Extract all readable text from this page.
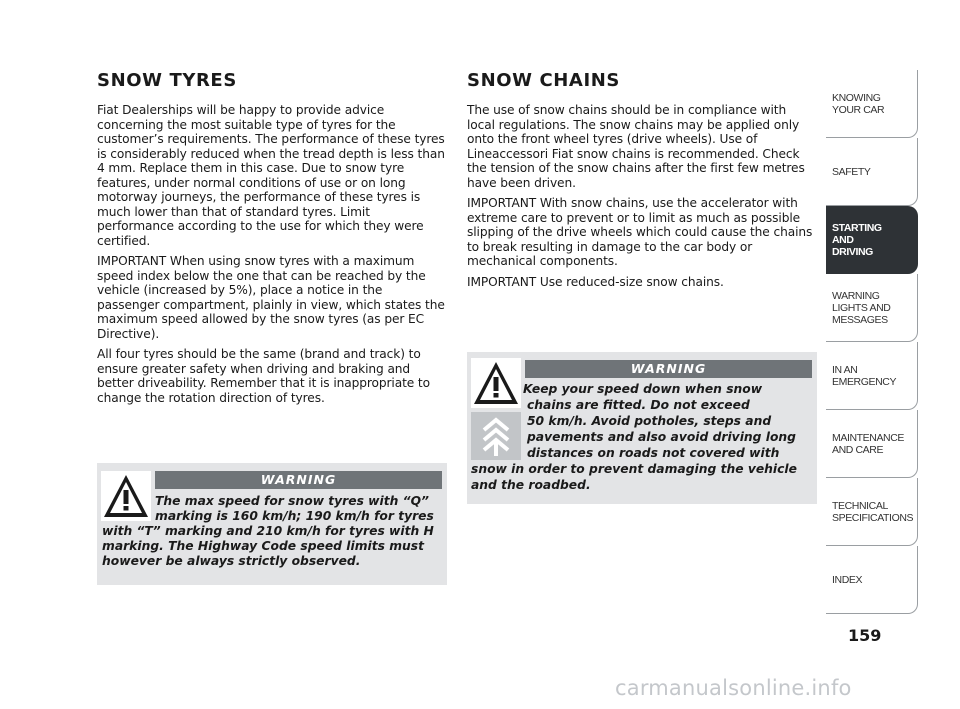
SNOW TYRES

Fiat Dealerships will be happy to provide advice concerning the most suitable type of tyres for the customer’s requirements. The performance of these tyres is considerably reduced when the tread depth is less than 4 mm. Replace them in this case. Due to snow tyre features, under normal conditions of use or on long motorway journeys, the performance of these tyres is much lower than that of standard tyres. Limit performance according to the use for which they were certified.

IMPORTANT When using snow tyres with a maximum speed index below the one that can be reached by the vehicle (increased by 5%), place a notice in the passenger compartment, plainly in view, which states the maximum speed allowed by the snow tyres (as per EC Directive).

All four tyres should be the same (brand and track) to ensure greater safety when driving and braking and better driveability. Remember that it is inappropriate to change the rotation direction of tyres.

WARNING
The max speed for snow tyres with “Q”
marking is 160 km/h; 190 km/h for tyres
with “T” marking and 210 km/h for tyres with H
marking. The Highway Code speed limits must
however be always strictly observed.
SNOW CHAINS

The use of snow chains should be in compliance with local regulations. The snow chains may be applied only onto the front wheel tyres (drive wheels). Use of Lineaccessori Fiat snow chains is recommended. Check the tension of the snow chains after the first few metres have been driven.

IMPORTANT With snow chains, use the accelerator with extreme care to prevent or to limit as much as possible slipping of the drive wheels which could cause the chains to break resulting in damage to the car body or mechanical components.

IMPORTANT Use reduced-size snow chains.

WARNING
Keep your speed down when snow
chains are fitted. Do not exceed
50 km/h. Avoid potholes, steps and
pavements and also avoid driving long
distances on roads not covered with
snow in order to prevent damaging the vehicle
and the roadbed.
KNOWING
YOUR CAR
SAFETY
STARTING
AND
DRIVING
WARNING
LIGHTS AND
MESSAGES
IN AN
EMERGENCY
MAINTENANCE
AND CARE
TECHNICAL
SPECIFICATIONS
INDEX
159
carmanualsonline.info
